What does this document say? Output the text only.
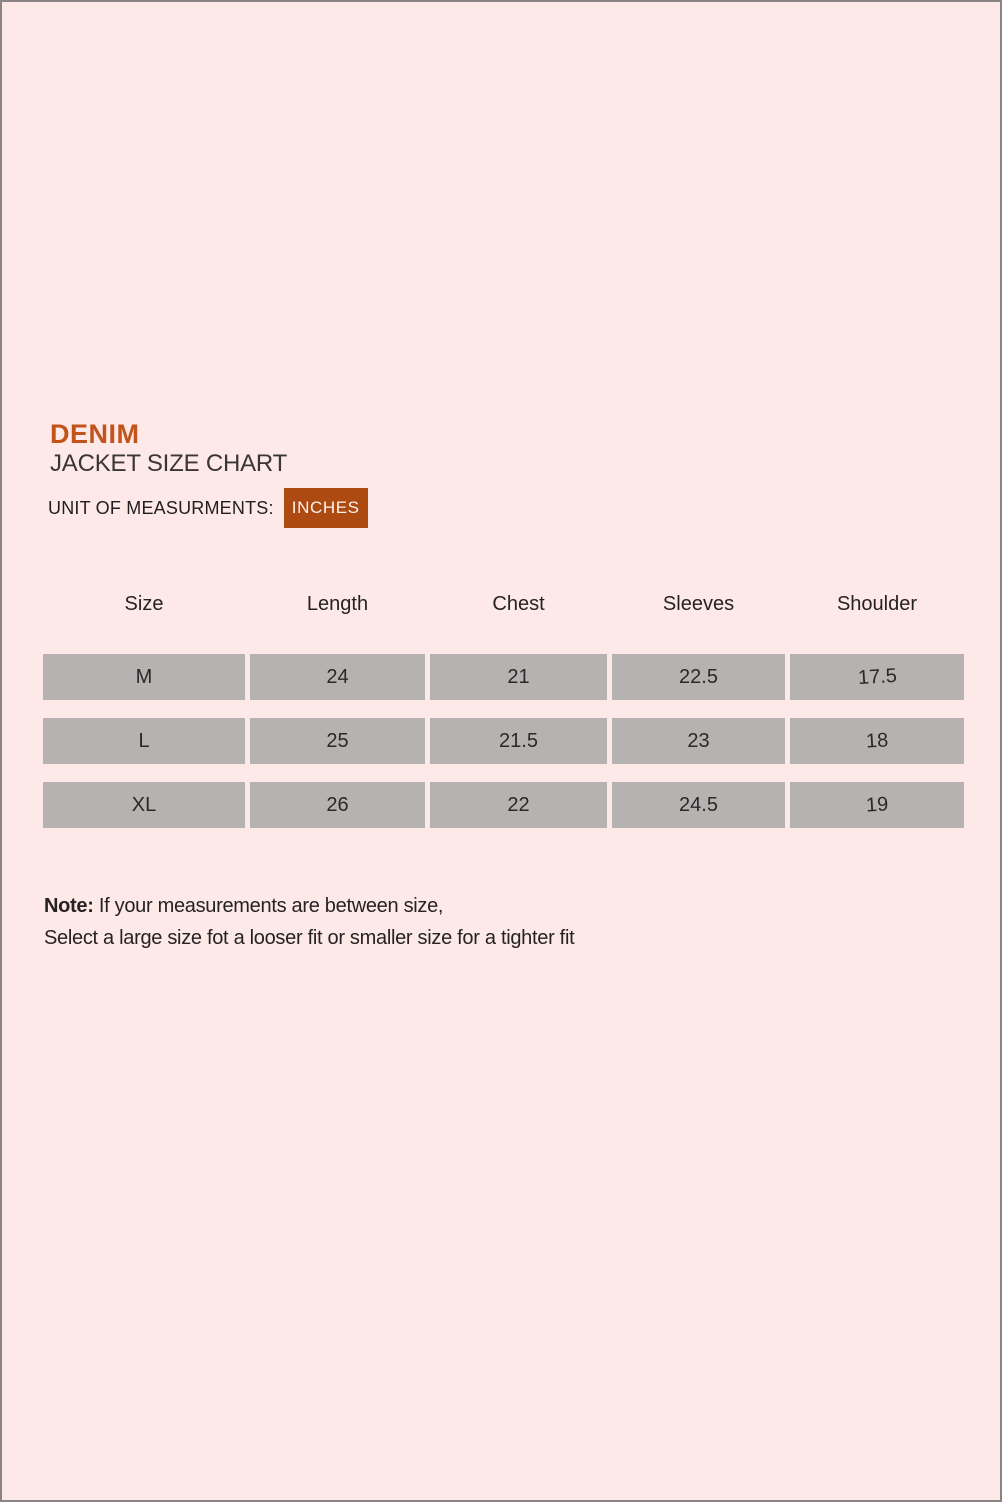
DENIM
JACKET SIZE CHART
UNIT OF MEASURMENTS:	INCHES
Size	Length	Chest	Sleeves	Shoulder
M	24	21	22.5	17.5
L	25	21.5	23	18
XL	26	22	24.5	19
Note: If your measurements are between size,
Select a large size fot a looser fit or smaller size for a tighter fit
